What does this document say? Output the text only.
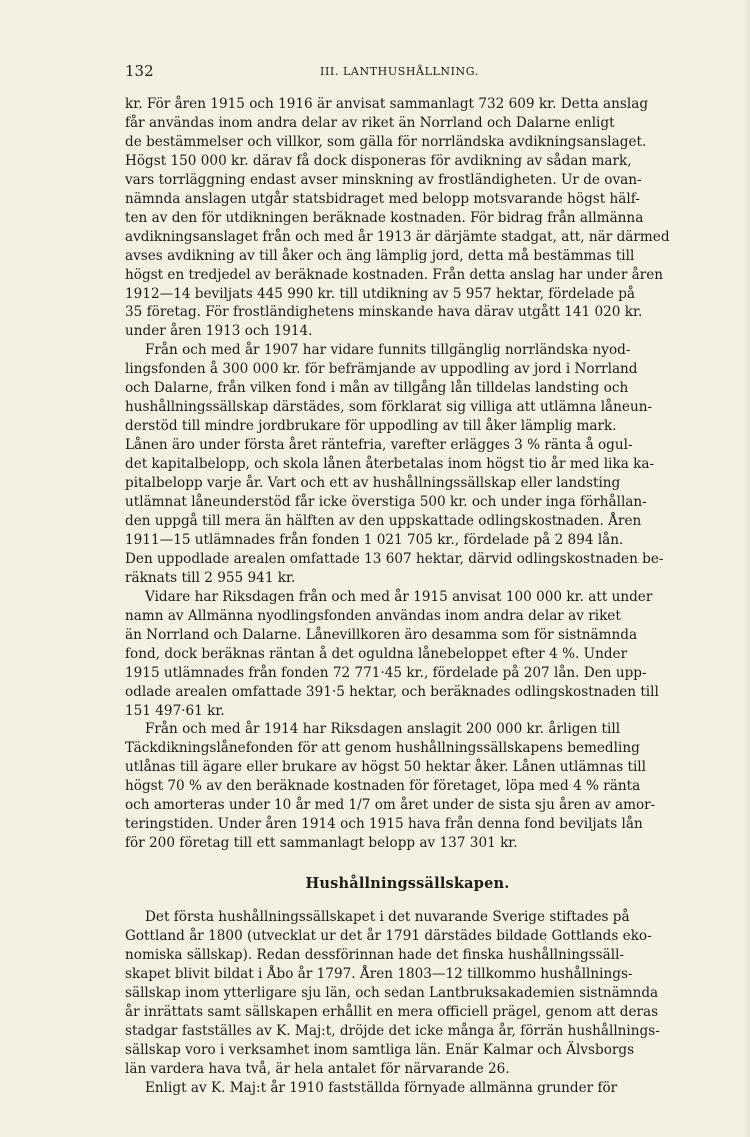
132	III. LANTHUSHÅLLNING.

kr. För åren 1915 och 1916 är anvisat sammanlagt 732 609 kr. Detta anslag
får användas inom andra delar av riket än Norrland och Dalarne enligt
de bestämmelser och villkor, som gälla för norrländska avdikningsanslaget.
Högst 150 000 kr. därav få dock disponeras för avdikning av sådan mark,
vars torrläggning endast avser minskning av frostländigheten. Ur de ovan-
nämnda anslagen utgår statsbidraget med belopp motsvarande högst hälf-
ten av den för utdikningen beräknade kostnaden. För bidrag från allmänna
avdikningsanslaget från och med år 1913 är därjämte stadgat, att, när därmed
avses avdikning av till åker och äng lämplig jord, detta må bestämmas till
högst en tredjedel av beräknade kostnaden. Från detta anslag har under åren
1912—14 beviljats 445 990 kr. till utdikning av 5 957 hektar, fördelade på
35 företag. För frostländighetens minskande hava därav utgått 141 020 kr.
under åren 1913 och 1914.

Från och med år 1907 har vidare funnits tillgänglig norrländska nyod-
lingsfonden å 300 000 kr. för befrämjande av uppodling av jord i Norrland
och Dalarne, från vilken fond i mån av tillgång lån tilldelas landsting och
hushållningssällskap därstädes, som förklarat sig villiga att utlämna låneun-
derstöd till mindre jordbrukare för uppodling av till åker lämplig mark.
Lånen äro under första året räntefria, varefter erlägges 3 % ränta å ogul-
det kapitalbelopp, och skola lånen återbetalas inom högst tio år med lika ka-
pitalbelopp varje år. Vart och ett av hushållningssällskap eller landsting
utlämnat låneunderstöd får icke överstiga 500 kr. och under inga förhållan-
den uppgå till mera än hälften av den uppskattade odlingskostnaden. Åren
1911—15 utlämnades från fonden 1 021 705 kr., fördelade på 2 894 lån.
Den uppodlade arealen omfattade 13 607 hektar, därvid odlingskostnaden be-
räknats till 2 955 941 kr.

Vidare har Riksdagen från och med år 1915 anvisat 100 000 kr. att under
namn av Allmänna nyodlingsfonden användas inom andra delar av riket
än Norrland och Dalarne. Lånevillkoren äro desamma som för sistnämnda
fond, dock beräknas räntan å det oguldna lånebeloppet efter 4 %. Under
1915 utlämnades från fonden 72 771·45 kr., fördelade på 207 lån. Den upp-
odlade arealen omfattade 391·5 hektar, och beräknades odlingskostnaden till
151 497·61 kr.

Från och med år 1914 har Riksdagen anslagit 200 000 kr. årligen till
Täckdikningslånefonden för att genom hushållningssällskapens bemedling
utlånas till ägare eller brukare av högst 50 hektar åker. Lånen utlämnas till
högst 70 % av den beräknade kostnaden för företaget, löpa med 4 % ränta
och amorteras under 10 år med 1/7 om året under de sista sju åren av amor-
teringstiden. Under åren 1914 och 1915 hava från denna fond beviljats lån
för 200 företag till ett sammanlagt belopp av 137 301 kr.

Hushållningssällskapen.

Det första hushållningssällskapet i det nuvarande Sverige stiftades på
Gottland år 1800 (utvecklat ur det år 1791 därstädes bildade Gottlands eko-
nomiska sällskap). Redan dessförinnan hade det finska hushållningssäll-
skapet blivit bildat i Åbo år 1797. Åren 1803—12 tillkommo hushållnings-
sällskap inom ytterligare sju län, och sedan Lantbruksakademien sistnämnda
år inrättats samt sällskapen erhållit en mera officiell prägel, genom att deras
stadgar fastställes av K. Maj:t, dröjde det icke många år, förrän hushållnings-
sällskap voro i verksamhet inom samtliga län. Enär Kalmar och Älvsborgs
län vardera hava två, är hela antalet för närvarande 26.

Enligt av K. Maj:t år 1910 fastställda förnyade allmänna grunder för
